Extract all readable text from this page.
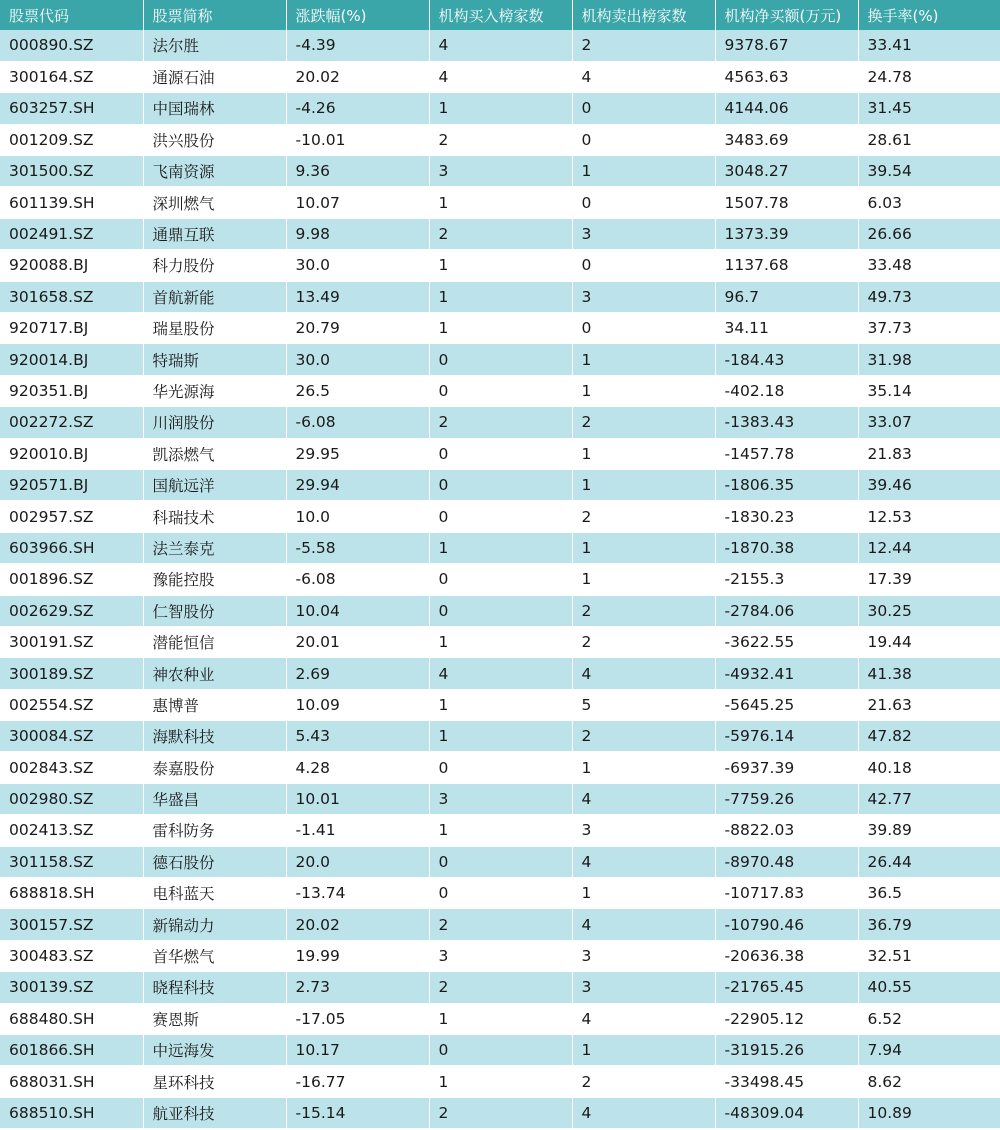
股票代码	股票简称	涨跌幅(%)	机构买入榜家数	机构卖出榜家数	机构净买额(万元)	换手率(%)
000890.SZ	法尔胜	-4.39	4	2	9378.67	33.41
300164.SZ	通源石油	20.02	4	4	4563.63	24.78
603257.SH	中国瑞林	-4.26	1	0	4144.06	31.45
001209.SZ	洪兴股份	-10.01	2	0	3483.69	28.61
301500.SZ	飞南资源	9.36	3	1	3048.27	39.54
601139.SH	深圳燃气	10.07	1	0	1507.78	6.03
002491.SZ	通鼎互联	9.98	2	3	1373.39	26.66
920088.BJ	科力股份	30.0	1	0	1137.68	33.48
301658.SZ	首航新能	13.49	1	3	96.7	49.73
920717.BJ	瑞星股份	20.79	1	0	34.11	37.73
920014.BJ	特瑞斯	30.0	0	1	-184.43	31.98
920351.BJ	华光源海	26.5	0	1	-402.18	35.14
002272.SZ	川润股份	-6.08	2	2	-1383.43	33.07
920010.BJ	凯添燃气	29.95	0	1	-1457.78	21.83
920571.BJ	国航远洋	29.94	0	1	-1806.35	39.46
002957.SZ	科瑞技术	10.0	0	2	-1830.23	12.53
603966.SH	法兰泰克	-5.58	1	1	-1870.38	12.44
001896.SZ	豫能控股	-6.08	0	1	-2155.3	17.39
002629.SZ	仁智股份	10.04	0	2	-2784.06	30.25
300191.SZ	潜能恒信	20.01	1	2	-3622.55	19.44
300189.SZ	神农种业	2.69	4	4	-4932.41	41.38
002554.SZ	惠博普	10.09	1	5	-5645.25	21.63
300084.SZ	海默科技	5.43	1	2	-5976.14	47.82
002843.SZ	泰嘉股份	4.28	0	1	-6937.39	40.18
002980.SZ	华盛昌	10.01	3	4	-7759.26	42.77
002413.SZ	雷科防务	-1.41	1	3	-8822.03	39.89
301158.SZ	德石股份	20.0	0	4	-8970.48	26.44
688818.SH	电科蓝天	-13.74	0	1	-10717.83	36.5
300157.SZ	新锦动力	20.02	2	4	-10790.46	36.79
300483.SZ	首华燃气	19.99	3	3	-20636.38	32.51
300139.SZ	晓程科技	2.73	2	3	-21765.45	40.55
688480.SH	赛恩斯	-17.05	1	4	-22905.12	6.52
601866.SH	中远海发	10.17	0	1	-31915.26	7.94
688031.SH	星环科技	-16.77	1	2	-33498.45	8.62
688510.SH	航亚科技	-15.14	2	4	-48309.04	10.89
